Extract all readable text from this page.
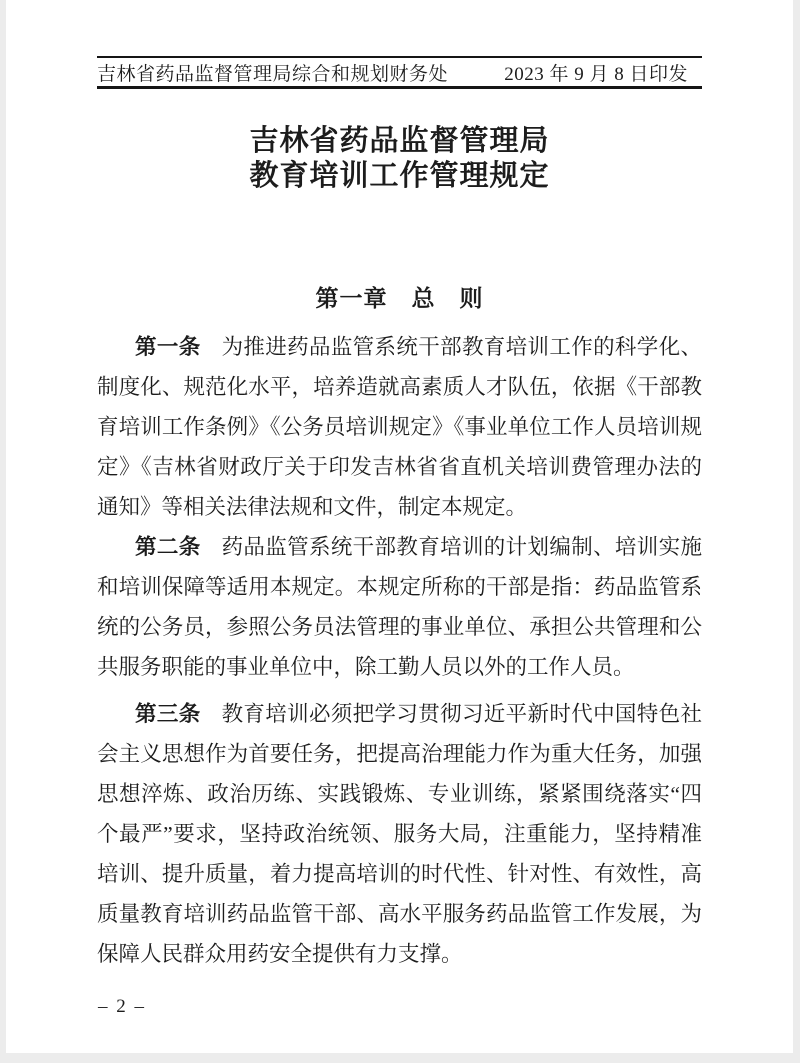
吉林省药品监督管理局综合和规划财务处	2023 年 9 月 8 日印发
吉林省药品监督管理局
教育培训工作管理规定
第一章　总　则

第一条 为推进药品监管系统干部教育培训工作的科学化、制度化、规范化水平，培养造就高素质人才队伍，依据《干部教育培训工作条例》《公务员培训规定》《事业单位工作人员培训规定》《吉林省财政厅关于印发吉林省省直机关培训费管理办法的通知》等相关法律法规和文件，制定本规定。

第二条 药品监管系统干部教育培训的计划编制、培训实施和培训保障等适用本规定。本规定所称的干部是指：药品监管系统的公务员，参照公务员法管理的事业单位、承担公共管理和公共服务职能的事业单位中，除工勤人员以外的工作人员。

第三条 教育培训必须把学习贯彻习近平新时代中国特色社会主义思想作为首要任务，把提高治理能力作为重大任务，加强思想淬炼、政治历练、实践锻炼、专业训练，紧紧围绕落实“四个最严”要求，坚持政治统领、服务大局，注重能力，坚持精准培训、提升质量，着力提高培训的时代性、针对性、有效性，高质量教育培训药品监管干部、高水平服务药品监管工作发展，为保障人民群众用药安全提供有力支撑。

– 2 –
